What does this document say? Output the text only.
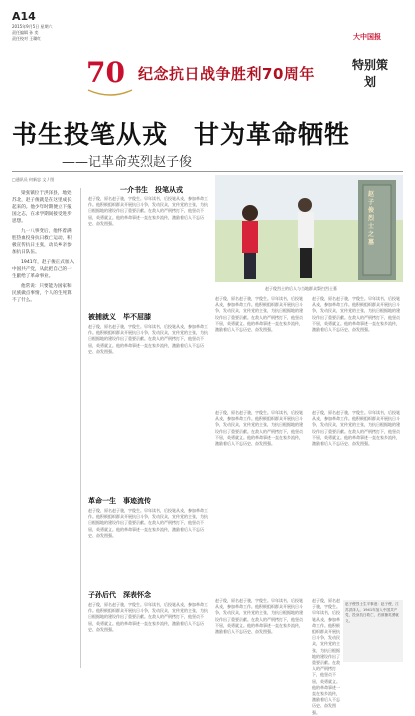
A14
2015年9月5日 星期六
责任编辑 孙 奕
责任校对 王璐红
70 纪念抗日战争胜利70周年
大中国报
特别策划
书生投笔从戎　甘为革命牺牲
——记革命英烈赵子俊
□通讯员 何新忠 文 / 图

梁张镇位于洪泽县，地处苏北，赵子俊就是在这里成长起来的。他少年时期便立下报国之志，在求学期间接受进步思想。

九一八事变后，他怀着满腔热血投身抗日救亡运动，积极宣传抗日主张，动员乡亲参加抗日队伍。

1941年，赵子俊正式加入中国共产党，从此把自己的一生献给了革命事业。

他常说：只要能为国家和民族做点事情，个人的生死算不了什么。

一介书生　投笔从戎
赵子俊，原名赵子骏，字俊生。早年读书，后投笔从戎，参加革命工作。他积极组织群众开展抗日斗争，发动民众，宣传党的主张，为抗日根据地的建设作出了重要贡献。在敌人的严刑拷打下，他坚贞不屈，英勇就义。他的革命事迹一直在家乡流传，激励着后人不忘历史、奋发图强。
赵子俊烈士之墓
赵子俊烈士的后人与当地群众祭扫烈士墓
赵子俊，原名赵子骏，字俊生。早年读书，后投笔从戎，参加革命工作。他积极组织群众开展抗日斗争，发动民众，宣传党的主张，为抗日根据地的建设作出了重要贡献。在敌人的严刑拷打下，他坚贞不屈，英勇就义。他的革命事迹一直在家乡流传，激励着后人不忘历史、奋发图强。
赵子俊，原名赵子骏，字俊生。早年读书，后投笔从戎，参加革命工作。他积极组织群众开展抗日斗争，发动民众，宣传党的主张，为抗日根据地的建设作出了重要贡献。在敌人的严刑拷打下，他坚贞不屈，英勇就义。他的革命事迹一直在家乡流传，激励着后人不忘历史、奋发图强。
被捕就义　毕不屈膝
赵子俊，原名赵子骏，字俊生。早年读书，后投笔从戎，参加革命工作。他积极组织群众开展抗日斗争，发动民众，宣传党的主张，为抗日根据地的建设作出了重要贡献。在敌人的严刑拷打下，他坚贞不屈，英勇就义。他的革命事迹一直在家乡流传，激励着后人不忘历史、奋发图强。
赵子俊，原名赵子骏，字俊生。早年读书，后投笔从戎，参加革命工作。他积极组织群众开展抗日斗争，发动民众，宣传党的主张，为抗日根据地的建设作出了重要贡献。在敌人的严刑拷打下，他坚贞不屈，英勇就义。他的革命事迹一直在家乡流传，激励着后人不忘历史、奋发图强。
赵子俊，原名赵子骏，字俊生。早年读书，后投笔从戎，参加革命工作。他积极组织群众开展抗日斗争，发动民众，宣传党的主张，为抗日根据地的建设作出了重要贡献。在敌人的严刑拷打下，他坚贞不屈，英勇就义。他的革命事迹一直在家乡流传，激励着后人不忘历史、奋发图强。
革命一生　事迹流传
赵子俊，原名赵子骏，字俊生。早年读书，后投笔从戎，参加革命工作。他积极组织群众开展抗日斗争，发动民众，宣传党的主张，为抗日根据地的建设作出了重要贡献。在敌人的严刑拷打下，他坚贞不屈，英勇就义。他的革命事迹一直在家乡流传，激励着后人不忘历史、奋发图强。
子孙后代　深表怀念
赵子俊，原名赵子骏，字俊生。早年读书，后投笔从戎，参加革命工作。他积极组织群众开展抗日斗争，发动民众，宣传党的主张，为抗日根据地的建设作出了重要贡献。在敌人的严刑拷打下，他坚贞不屈，英勇就义。他的革命事迹一直在家乡流传，激励着后人不忘历史、奋发图强。
赵子俊，原名赵子骏，字俊生。早年读书，后投笔从戎，参加革命工作。他积极组织群众开展抗日斗争，发动民众，宣传党的主张，为抗日根据地的建设作出了重要贡献。在敌人的严刑拷打下，他坚贞不屈，英勇就义。他的革命事迹一直在家乡流传，激励着后人不忘历史、奋发图强。
赵子俊，原名赵子骏，字俊生。早年读书，后投笔从戎，参加革命工作。他积极组织群众开展抗日斗争，发动民众，宣传党的主张，为抗日根据地的建设作出了重要贡献。在敌人的严刑拷打下，他坚贞不屈，英勇就义。他的革命事迹一直在家乡流传，激励着后人不忘历史、奋发图强。
赵子俊烈士生平事迹：赵子俊，江苏洪泽人。1941年加入中国共产党，投身抗日救亡，后被捕英勇就义。
